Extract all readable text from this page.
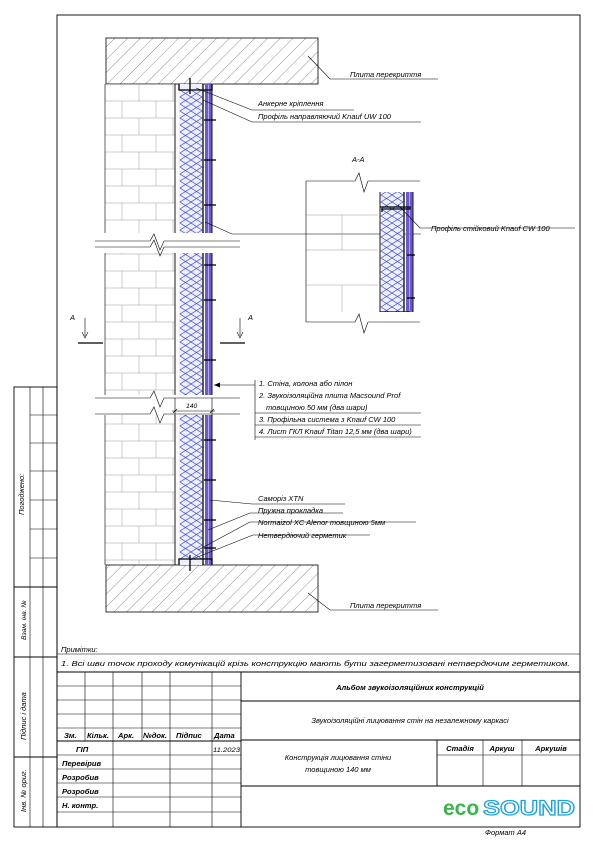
140
А	А
А-А
Плита перекриття
Анкерне кріплення
Профіль направляючий Knauf UW 100
Профіль стійковий Knauf CW 100
1. Стіна, колона або пілон
2. Звукоізоляційна плита Macsound Prof
товщиною 50 мм (два шари)
3. Профільна система з Knauf CW 100
4. Лист ГКЛ Knauf Titan 12,5 мм (два шари)
Саморіз XTN
Пружна прокладка
Normaizol XC Alenor товщиною 5мм
Нетвердіючий герметик
Плита перекриття
Погоджено:
Взам. інв. №
Підпис і дата
Інв. № ориг.
Примітки:
1. Всі шви точок проходу комунікацій крізь конструкцію мають бути загерметизовані нетвердючим герметиком.
Альбом звукоізоляційних конструкцій
Звукоізоляційні лицювання стін на незалежному каркасі
Зм. Кільк. Арк. №док. Підпис Дата
ГІП	11.2023
Перевірив
Розробив
Розробив
Н. контр.
Конструкція лицювання стіни
товщиною 140 мм
Стадія Аркуш	Аркушів
eco SOUND
Формат А4
